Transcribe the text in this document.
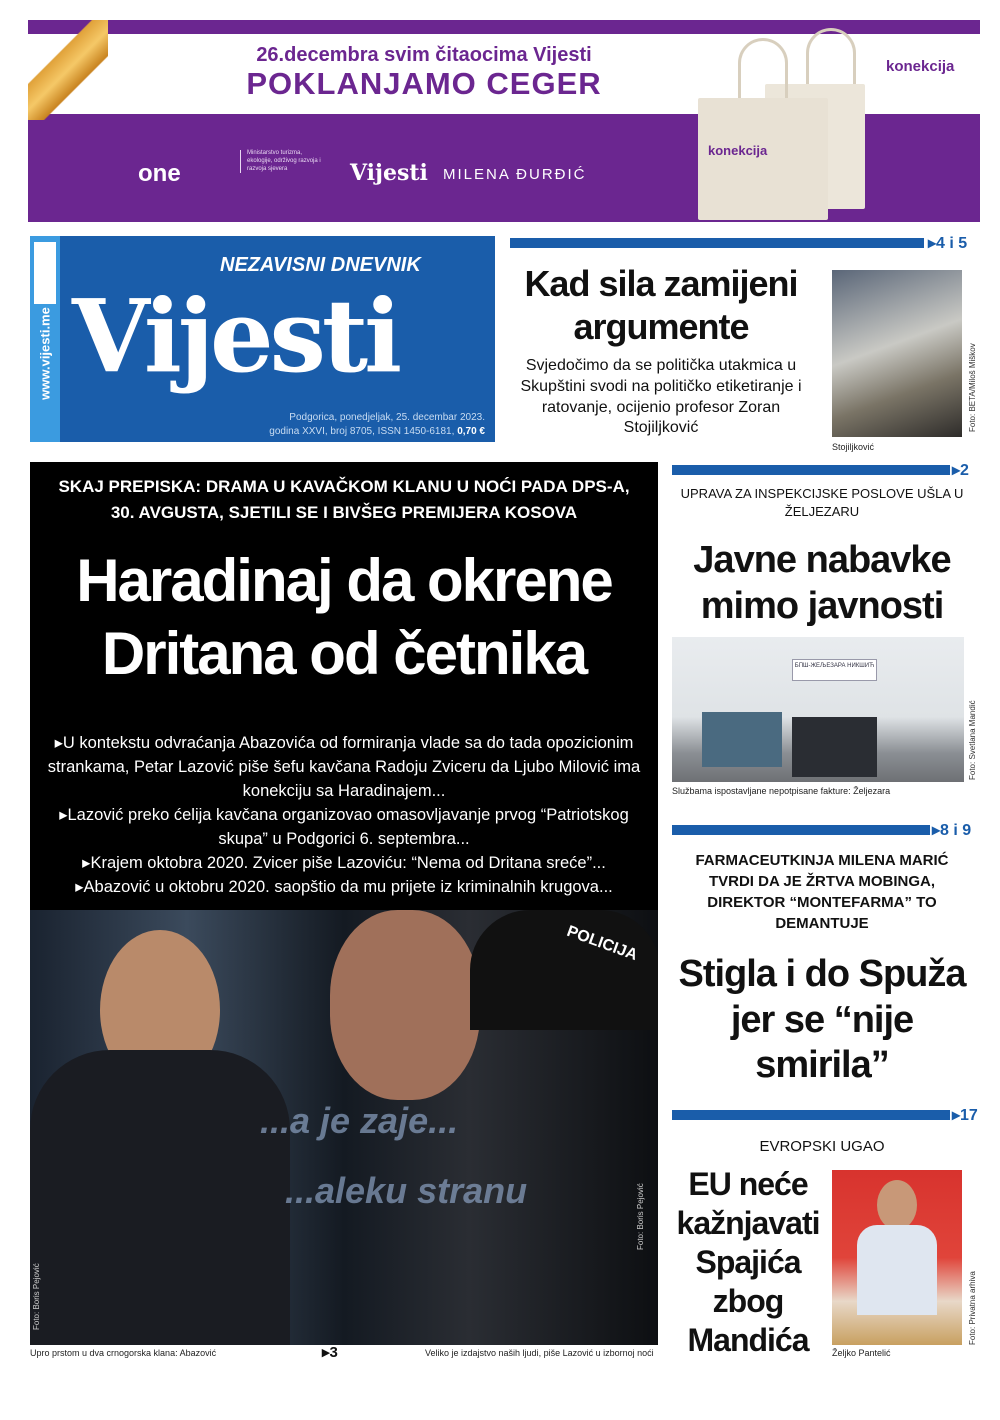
26.decembra svim čitaocima Vijesti
POKLANJAMO CEGER
one
Ministarstvo turizma, ekologije, održivog razvoja i razvoja sjevera	Vijesti MILENA ĐURĐIĆ
konekcija
konekcija
www.vijesti.me Vijesti
NEZAVISNI DNEVNIK
Podgorica, ponedjeljak, 25. decembar 2023.
godina XXVI, broj 8705, ISSN 1450-6181, 0,70 €
▸4 i 5
Kad sila zamijeni argumente
Svjedočimo da se politička utakmica u Skupštini svodi na političko etiketiranje i ratovanje, ocijenio profesor Zoran Stojiljković
Stojiljković
Foto: BETA/Miloš Miškov
SKAJ PREPISKA: DRAMA U KAVAČKOM KLANU U NOĆI PADA DPS-A, 30. AVGUSTA, SJETILI SE I BIVŠEG PREMIJERA KOSOVA
Haradinaj da okrene Dritana od četnika
▸U kontekstu odvraćanja Abazovića od formiranja vlade sa do tada opozicionim strankama, Petar Lazović piše šefu kavčana Radoju Zviceru da Ljubo Milović ima konekciju sa Haradinajem...
▸Lazović preko ćelija kavčana organizovao omasovljavanje prvog “Patriotskog skupa” u Podgorici 6. septembra...
▸Krajem oktobra 2020. Zvicer piše Lazoviću: “Nema od Dritana sreće”...
▸Abazović u oktobru 2020. saopštio da mu prijete iz kriminalnih krugova...
POLICIJA
...a je zaje...
...aleku stranu
Foto: Boris Pejović
Foto: Boris Pejović
Upro prstom u dva crnogorska klana: Abazović	▸3	Veliko je izdajstvo naših ljudi, piše Lazović u izbornoj noći
▸2
UPRAVA ZA INSPEKCIJSKE POSLOVE UŠLA U ŽELJEZARU
Javne nabavke mimo javnosti
БПШ-ЖЕЉЕЗАРА НИКШИЋ
Službama ispostavljane nepotpisane fakture: Željezara
Foto: Svetlana Mandić
▸8 i 9
FARMACEUTKINJA MILENA MARIĆ TVRDI DA JE ŽRTVA MOBINGA, DIREKTOR “MONTEFARMA” TO DEMANTUJE
Stigla i do Spuža jer se “nije smirila”
▸17
EVROPSKI UGAO
EU neće kažnjavati Spajića zbog Mandića	Željko Pantelić
Foto: Privatna arhiva
